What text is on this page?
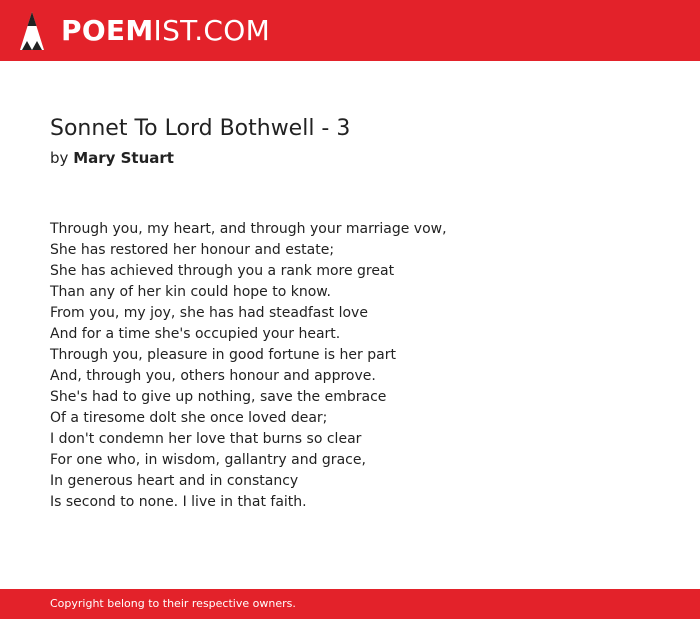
POEMIST.COM
Sonnet To Lord Bothwell - 3
by Mary Stuart
Through you, my heart, and through your marriage vow,
She has restored her honour and estate;
She has achieved through you a rank more great
Than any of her kin could hope to know.
From you, my joy, she has had steadfast love
And for a time she's occupied your heart.
Through you, pleasure in good fortune is her part
And, through you, others honour and approve.
She's had to give up nothing, save the embrace
Of a tiresome dolt she once loved dear;
I don't condemn her love that burns so clear
For one who, in wisdom, gallantry and grace,
In generous heart and in constancy
Is second to none. I live in that faith.
Copyright belong to their respective owners.
